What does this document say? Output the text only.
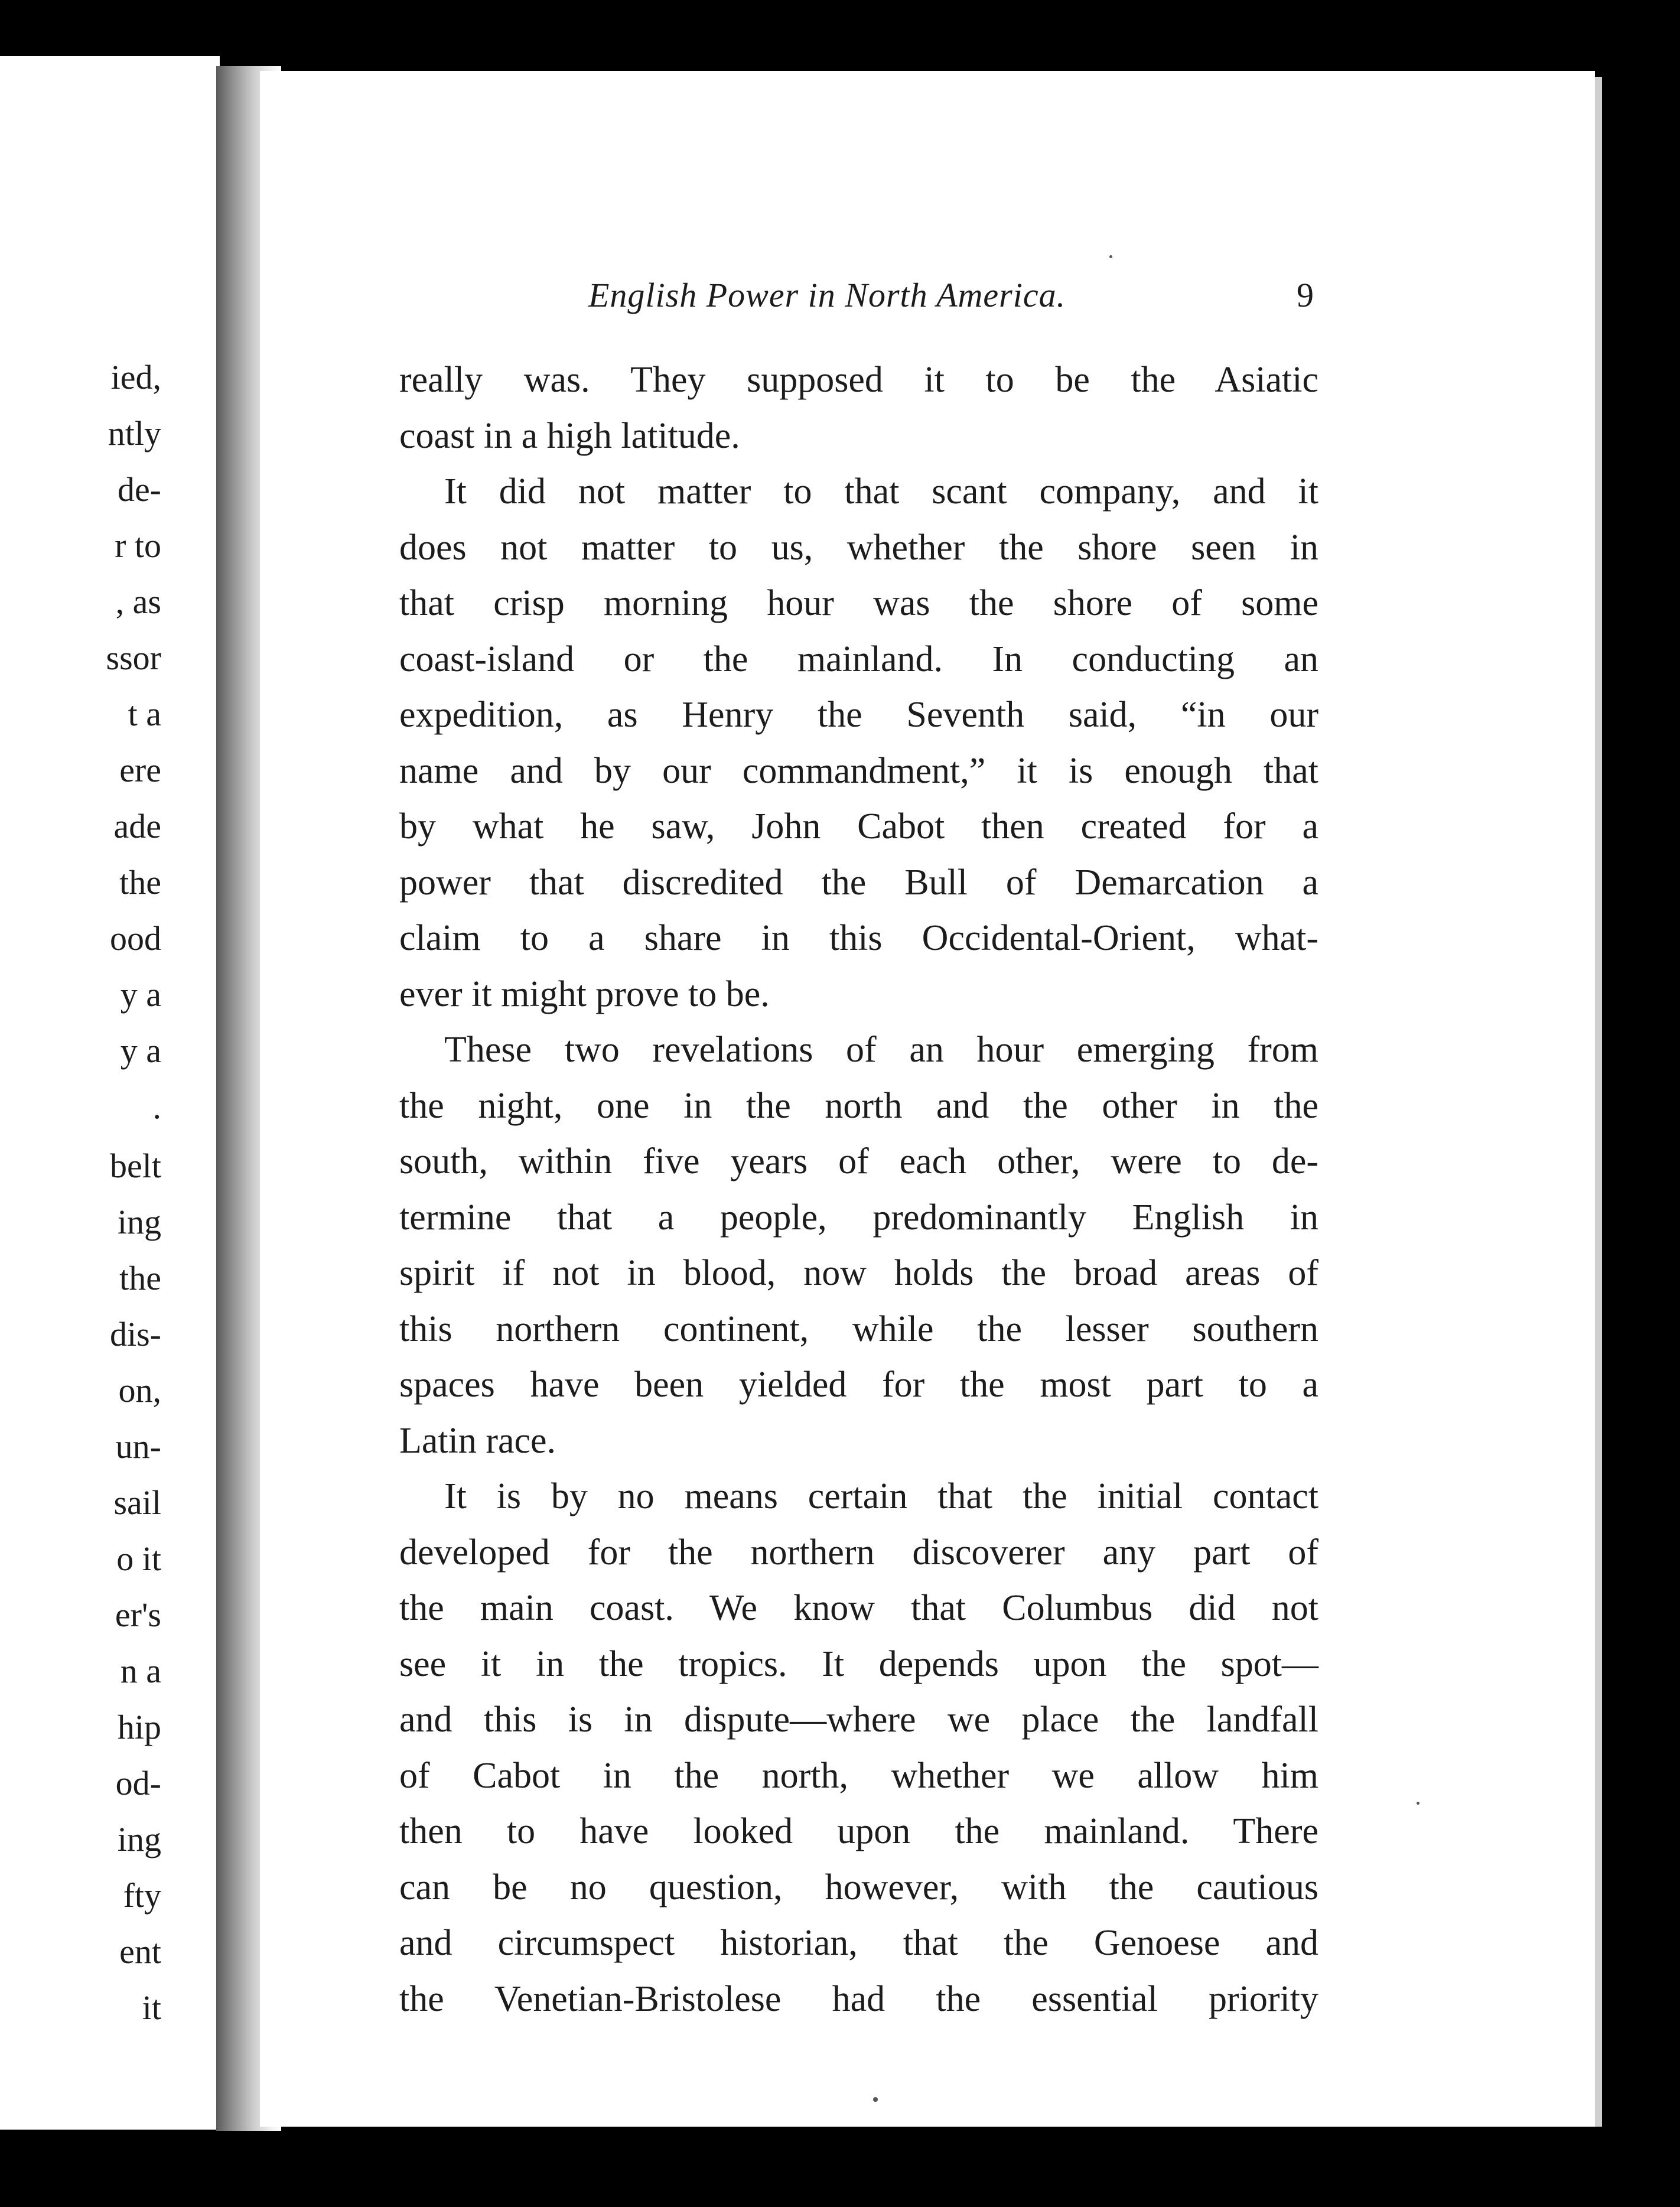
ied,
ntly
de-
r to
, as
ssor
t a
ere
ade
the
ood
y a
y a
.
belt
ing
the
dis-
on,
un-
sail
o it
er's
n a
hip
od-
ing
fty
ent
it
English Power in North America.	9
really was. They supposed it to be the Asiatic
coast in a high latitude.
It did not matter to that scant company, and it
does not matter to us, whether the shore seen in
that crisp morning hour was the shore of some
coast-island or the mainland. In conducting an
expedition, as Henry the Seventh said, “in our
name and by our commandment,” it is enough that
by what he saw, John Cabot then created for a
power that discredited the Bull of Demarcation a
claim to a share in this Occidental-Orient, what-
ever it might prove to be.
These two revelations of an hour emerging from
the night, one in the north and the other in the
south, within five years of each other, were to de-
termine that a people, predominantly English in
spirit if not in blood, now holds the broad areas of
this northern continent, while the lesser southern
spaces have been yielded for the most part to a
Latin race.
It is by no means certain that the initial contact
developed for the northern discoverer any part of
the main coast. We know that Columbus did not
see it in the tropics. It depends upon the spot—
and this is in dispute—where we place the landfall
of Cabot in the north, whether we allow him
then to have looked upon the mainland. There
can be no question, however, with the cautious
and circumspect historian, that the Genoese and
the Venetian-Bristolese had the essential priority
